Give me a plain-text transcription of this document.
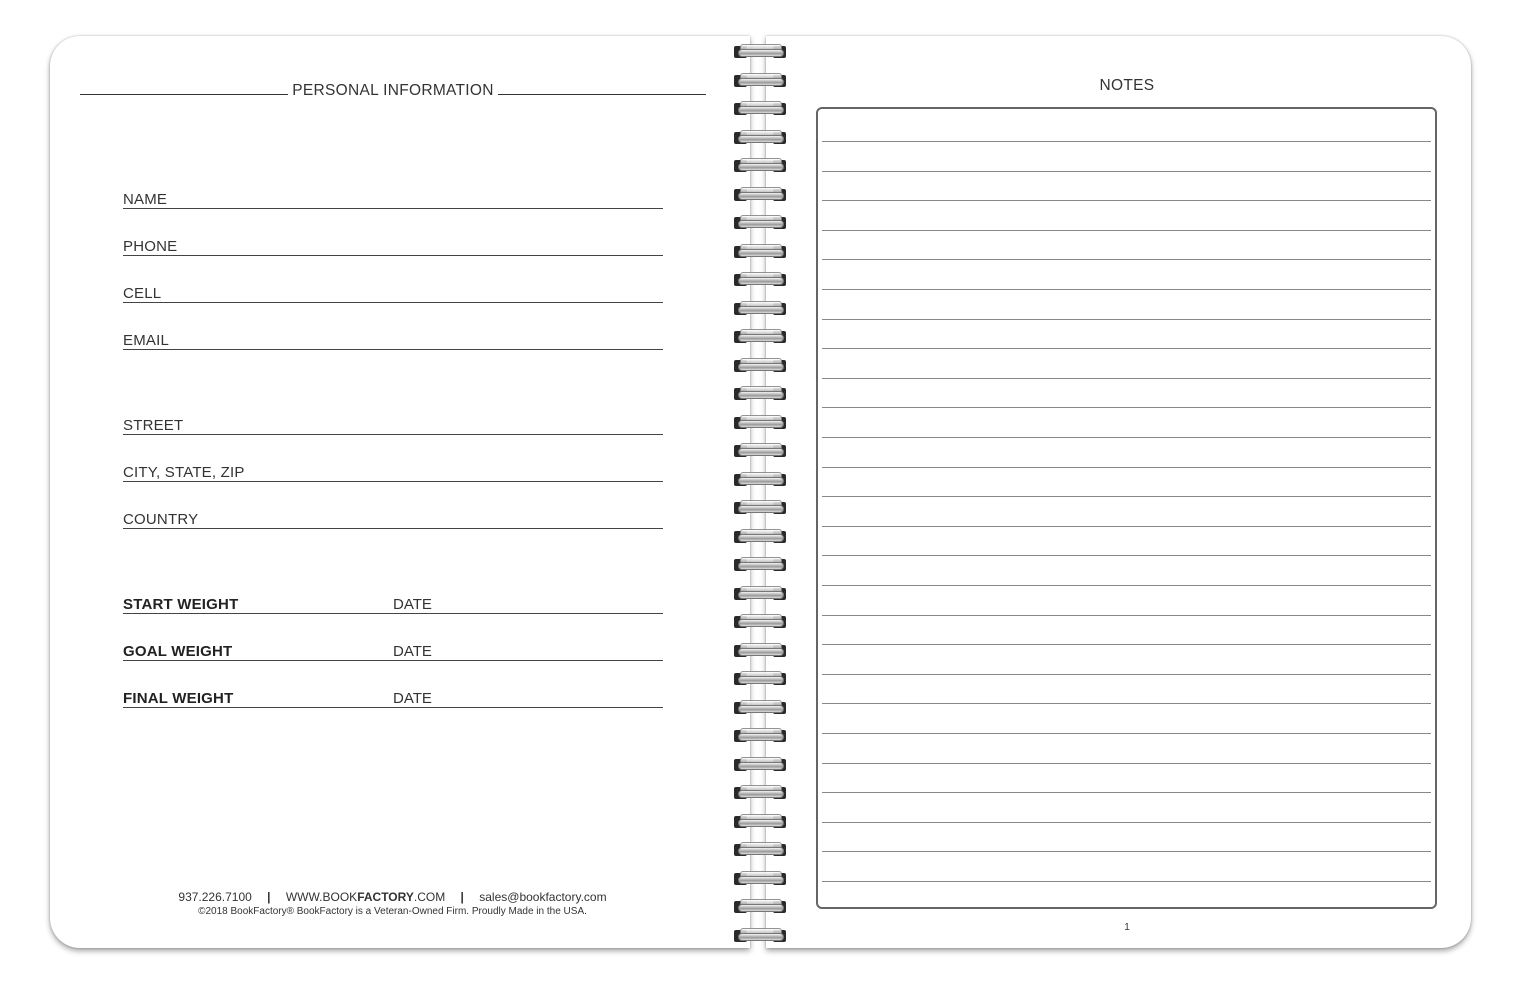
PERSONAL INFORMATION
NAME
PHONE
CELL
EMAIL
STREET
CITY, STATE, ZIP
COUNTRY
START WEIGHT	DATE
GOAL WEIGHT	DATE
FINAL WEIGHT	DATE
937.226.7100 | WWW.BOOKFACTORY.COM | sales@bookfactory.com
©2018 BookFactory® BookFactory is a Veteran-Owned Firm. Proudly Made in the USA.
NOTES
1
